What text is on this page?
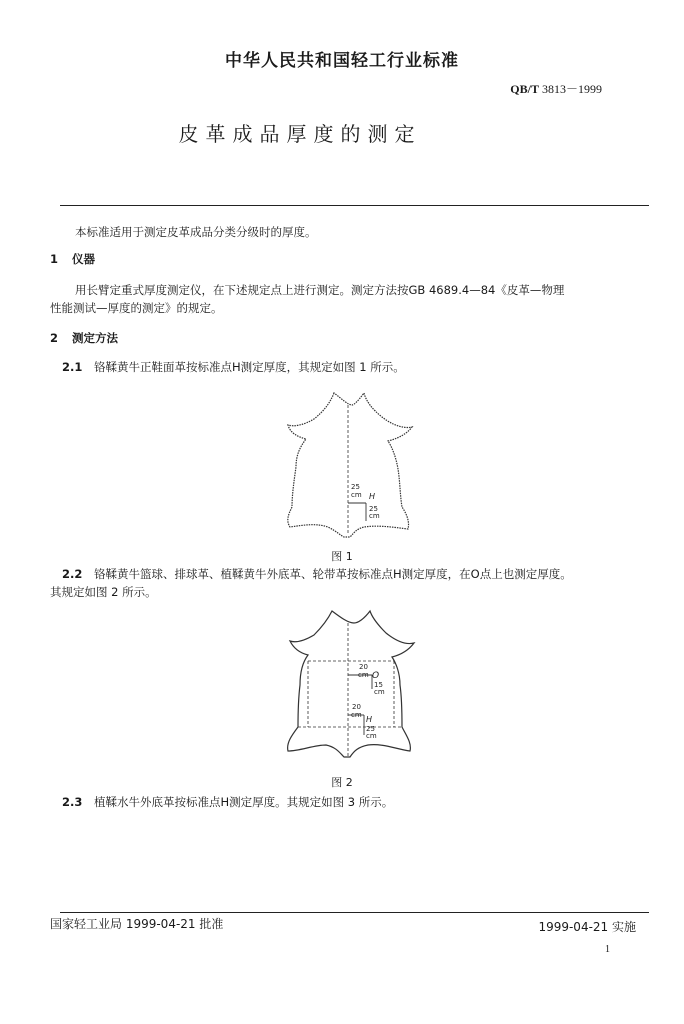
中华人民共和国轻工行业标准
QB/T 3813－1999
皮革成品厚度的测定
本标准适用于测定皮革成品分类分级时的厚度。
1 仪器
用长臂定重式厚度测定仪，在下述规定点上进行测定。测定方法按GB 4689.4—84《皮革—物理
性能测试—厚度的测定》的规定。
2 测定方法
2.1 铬鞣黄牛正鞋面革按标准点H测定厚度，其规定如图 1 所示。
25
cm H
25
cm
图 1
2.2 铬鞣黄牛篮球、排球革、植鞣黄牛外底革、轮带革按标准点H测定厚度，在O点上也测定厚度。
其规定如图 2 所示。
20
cm O
15
cm
20
cm H
25
cm
图 2
2.3 植鞣水牛外底革按标准点H测定厚度。其规定如图 3 所示。
国家轻工业局 1999-04-21 批准	1999-04-21 实施
1
